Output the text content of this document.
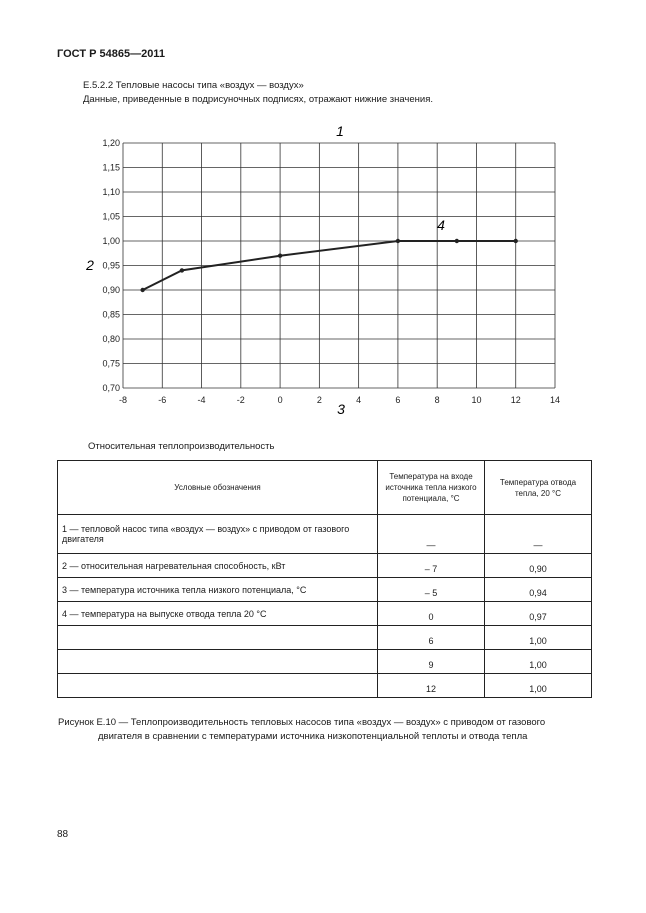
ГОСТ Р 54865—2011
Е.5.2.2 Тепловые насосы типа «воздух — воздух»
Данные, приведенные в подрисуночных подписях, отражают нижние значения.
-8	-6	-4	-2	0	2	4	6	8	10	12	14
0,70
0,75
0,80
0,85
0,90
0,95
1,00
1,05
1,10
1,15
1,20
1
2
3
4
Относительная теплопроизводительность
Условные обозначения	Температура на входе источника тепла низкого потенциала, °С	Температура отвода тепла, 20 °С
1 — тепловой насос типа «воздух — воздух» с приводом от газового двигателя	—	—
2 — относительная нагревательная способность, кВт	– 7	0,90
3 — температура источника тепла низкого потенциала, °С	– 5	0,94
4 — температура на выпуске отвода тепла 20 °С	0	0,97
	6	1,00
	9	1,00
	12	1,00
Рисунок Е.10 — Теплопроизводительность тепловых насосов типа «воздух — воздух» с приводом от газового
двигателя в сравнении с температурами источника низкопотенциальной теплоты и отвода тепла
88
